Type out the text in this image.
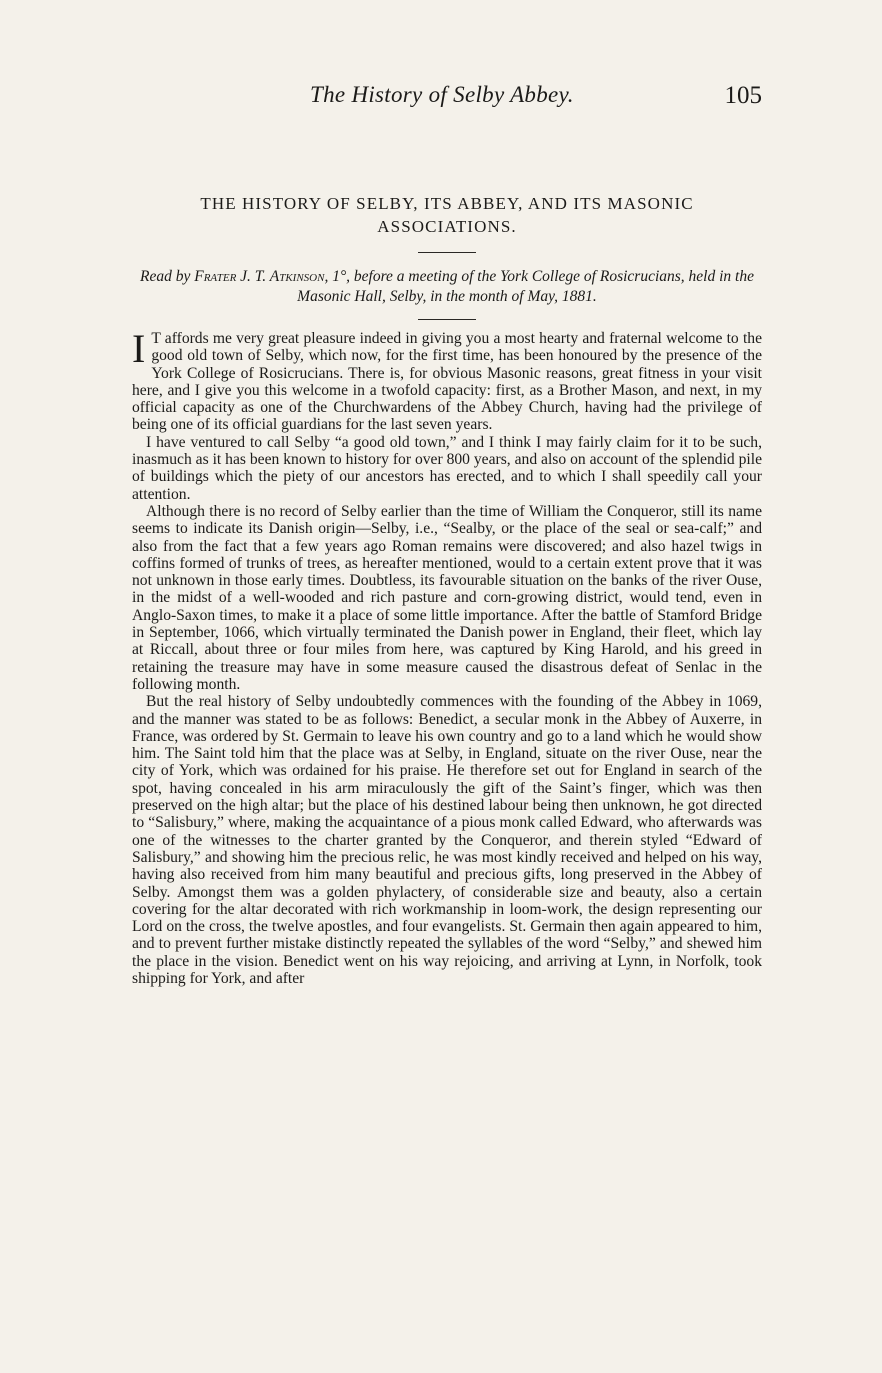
The History of Selby Abbey.	105
THE HISTORY OF SELBY, ITS ABBEY, AND ITS MASONIC ASSOCIATIONS.
Read by Frater J. T. Atkinson, 1°, before a meeting of the York College of Rosicrucians, held in the Masonic Hall, Selby, in the month of May, 1881.

I T affords me very great pleasure indeed in giving you a most hearty and fraternal welcome to the good old town of Selby, which now, for the first time, has been honoured by the presence of the York College of Rosicrucians. There is, for obvious Masonic reasons, great fitness in your visit here, and I give you this welcome in a twofold capacity: first, as a Brother Mason, and next, in my official capacity as one of the Churchwardens of the Abbey Church, having had the privilege of being one of its official guardians for the last seven years.

I have ventured to call Selby “a good old town,” and I think I may fairly claim for it to be such, inasmuch as it has been known to history for over 800 years, and also on account of the splendid pile of buildings which the piety of our ancestors has erected, and to which I shall speedily call your attention.

Although there is no record of Selby earlier than the time of William the Conqueror, still its name seems to indicate its Danish origin—Selby, i.e., “Sealby, or the place of the seal or sea-calf;” and also from the fact that a few years ago Roman remains were discovered; and also hazel twigs in coffins formed of trunks of trees, as hereafter mentioned, would to a certain extent prove that it was not unknown in those early times. Doubtless, its favourable situation on the banks of the river Ouse, in the midst of a well-wooded and rich pasture and corn-growing district, would tend, even in Anglo-Saxon times, to make it a place of some little importance. After the battle of Stamford Bridge in September, 1066, which virtually terminated the Danish power in England, their fleet, which lay at Riccall, about three or four miles from here, was captured by King Harold, and his greed in retaining the treasure may have in some measure caused the disastrous defeat of Senlac in the following month.

But the real history of Selby undoubtedly commences with the founding of the Abbey in 1069, and the manner was stated to be as follows: Benedict, a secular monk in the Abbey of Auxerre, in France, was ordered by St. Germain to leave his own country and go to a land which he would show him. The Saint told him that the place was at Selby, in England, situate on the river Ouse, near the city of York, which was ordained for his praise. He therefore set out for England in search of the spot, having concealed in his arm miraculously the gift of the Saint’s finger, which was then preserved on the high altar; but the place of his destined labour being then unknown, he got directed to “Salisbury,” where, making the acquaintance of a pious monk called Edward, who afterwards was one of the witnesses to the charter granted by the Conqueror, and therein styled “Edward of Salisbury,” and showing him the precious relic, he was most kindly received and helped on his way, having also received from him many beautiful and precious gifts, long preserved in the Abbey of Selby. Amongst them was a golden phylactery, of considerable size and beauty, also a certain covering for the altar decorated with rich workmanship in loom-work, the design representing our Lord on the cross, the twelve apostles, and four evangelists. St. Germain then again appeared to him, and to prevent further mistake distinctly repeated the syllables of the word “Selby,” and shewed him the place in the vision. Benedict went on his way rejoicing, and arriving at Lynn, in Norfolk, took shipping for York, and after
